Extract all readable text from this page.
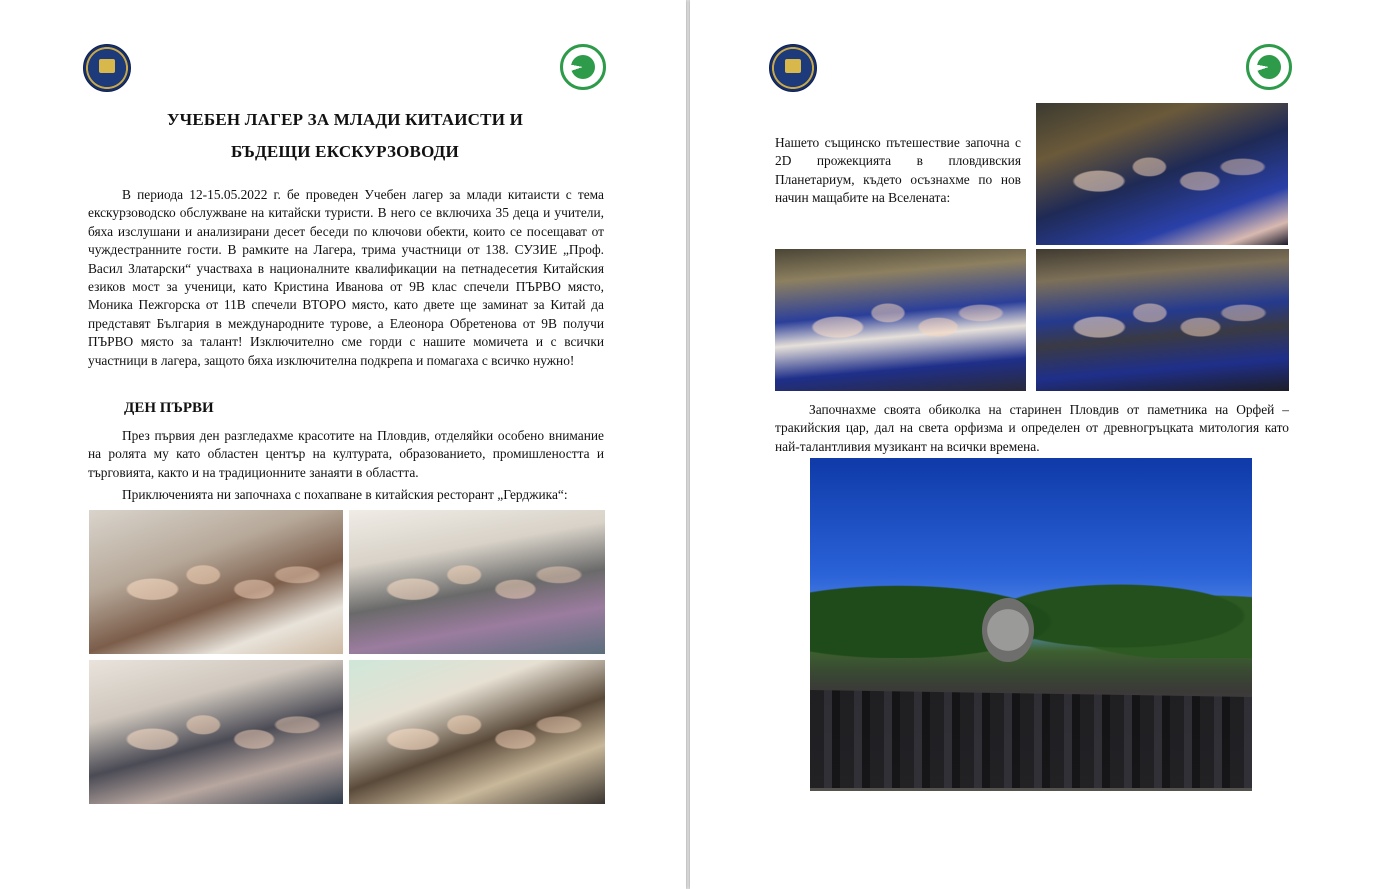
УЧЕБЕН ЛАГЕР ЗА МЛАДИ КИТАИСТИ И
БЪДЕЩИ ЕКСКУРЗОВОДИ
В периода 12-15.05.2022 г. бе проведен Учебен лагер за млади китаисти с тема екскурзоводско обслужване на китайски туристи. В него се включиха 35 деца и учители, бяха изслушани и анализирани десет беседи по ключови обекти, които се посещават от чуждестранните гости. В рамките на Лагера, трима участници от 138. СУЗИЕ „Проф. Васил Златарски“ участваха в националните квалификации на петнадесетия Китайския езиков мост за ученици, като Кристина Иванова от 9В клас спечели ПЪРВО място, Моника Пежгорска от 11В спечели ВТОРО място, като двете ще заминат за Китай да представят България в международните турове, а Елеонора Обретенова от 9В получи ПЪРВО място за талант! Изключително сме горди с нашите момичета и с всички участници в лагера, защото бяха изключителна подкрепа и помагаха с всичко нужно!
ДЕН ПЪРВИ
През първия ден разгледахме красотите на Пловдив, отделяйки особено внимание на ролята му като областен център на културата, образованието, промишлеността и търговията, както и на традиционните занаяти в областта.
Приключенията ни започнаха с похапване в китайския ресторант „Герджика“:
Нашето същинско пътешествие започна с 2D прожекцията в пловдивския Планетариум, където осъзнахме по нов начин мащабите на Вселената:
Започнахме своята обиколка на старинен Пловдив от паметника на Орфей – тракийския цар, дал на света орфизма и определен от древногръцката митология като най-талантливия музикант на всички времена.
